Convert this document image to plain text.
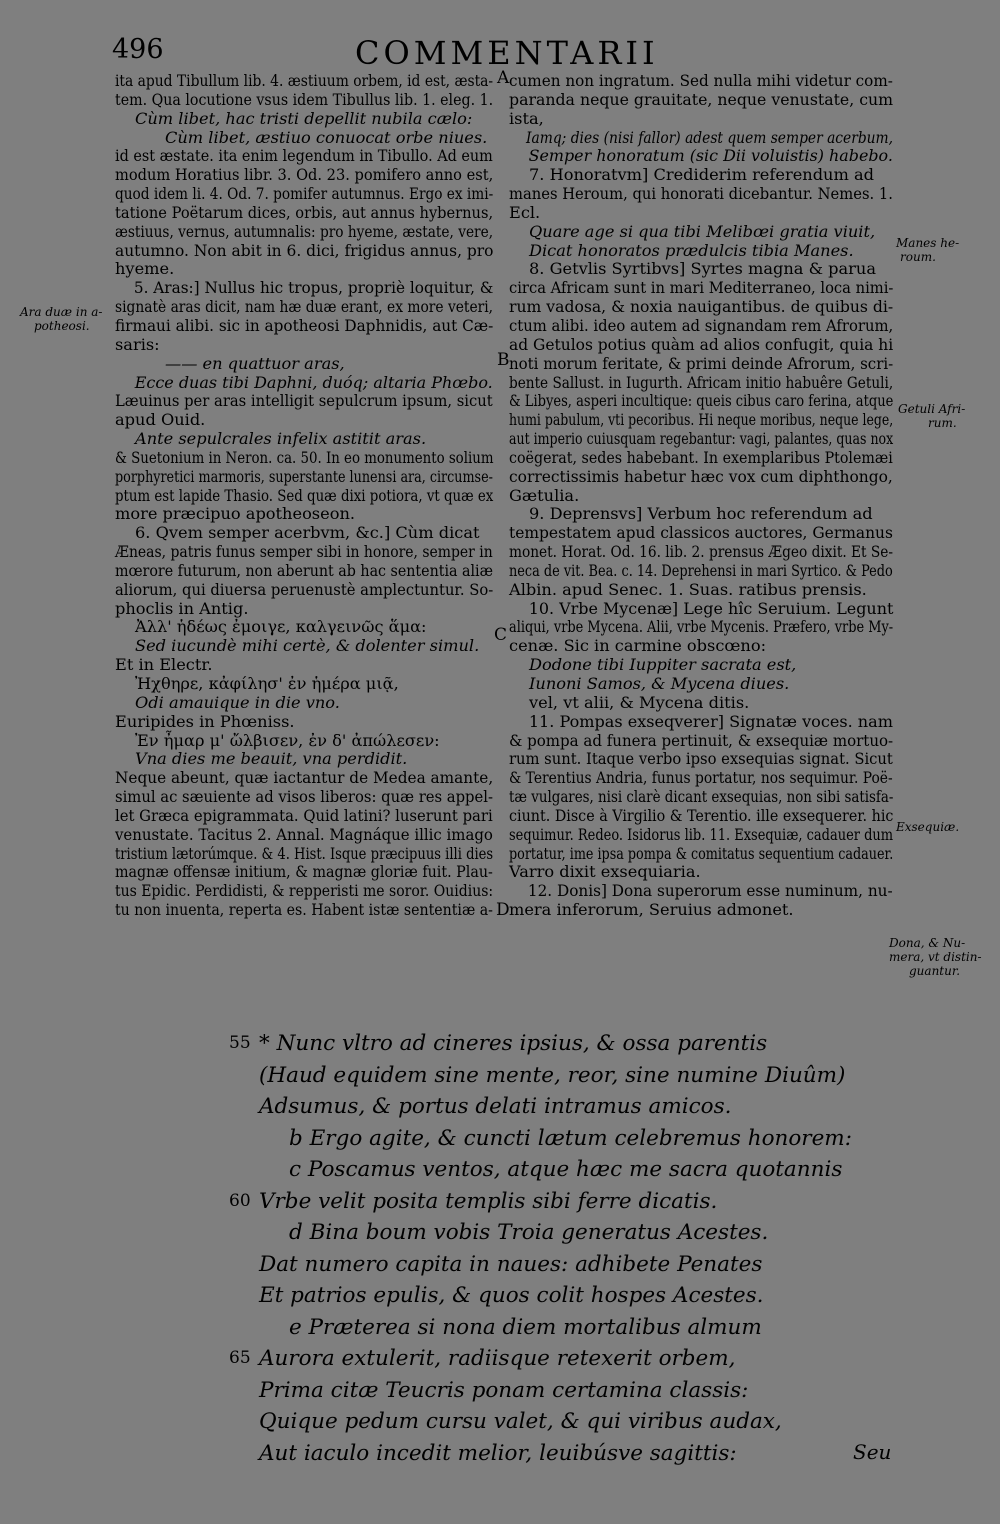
496	COMMENTARII

ita apud Tibullum lib. 4. æstiuum orbem, id est, æsta-

tem. Qua locutione vsus idem Tibullus lib. 1. eleg. 1.

Cùm libet, hac tristi depellit nubila cælo:

Cùm libet, æstiuo conuocat orbe niues.

id est æstate. ita enim legendum in Tibullo. Ad eum

modum Horatius libr. 3. Od. 23. pomifero anno est,

quod idem li. 4. Od. 7. pomifer autumnus. Ergo ex imi-

tatione Poëtarum dices, orbis, aut annus hybernus,

æstiuus, vernus, autumnalis: pro hyeme, æstate, vere,

autumno. Non abit in 6. dici, frigidus annus, pro

hyeme.

5. Aras:] Nullus hic tropus, propriè loquitur, &

signatè aras dicit, nam hæ duæ erant, ex more veteri,

firmaui alibi. sic in apotheosi Daphnidis, aut Cæ-

saris:

—— en quattuor aras,

Ecce duas tibi Daphni, duóq; altaria Phœbo.

Læuinus per aras intelligit sepulcrum ipsum, sicut

apud Ouid.

Ante sepulcrales infelix astitit aras.

& Suetonium in Neron. ca. 50. In eo monumento solium

porphyretici marmoris, superstante lunensi ara, circumse-

ptum est lapide Thasio. Sed quæ dixi potiora, vt quæ ex

more præcipuo apotheoseon.

6. Qvem semper acerbvm, &c.] Cùm dicat

Æneas, patris funus semper sibi in honore, semper in

mœrore futurum, non aberunt ab hac sententia aliæ

aliorum, qui diuersa peruenustè amplectuntur. So-

phoclis in Antig.

Ἀλλ' ἡδέως ἐμοιγε, καλγεινῶς ἅμα:

Sed iucundè mihi certè, & dolenter simul.

Et in Electr.

Ἠχθηρε, κἀφίλησ' ἐν ἡμέρα μιᾷ,

Odi amauique in die vno.

Euripides in Phœniss.

Ἐν ἦμαρ μ' ὤλβισεν, ἐν δ' ἀπώλεσεν:

Vna dies me beauit, vna perdidit.

Neque abeunt, quæ iactantur de Medea amante,

simul ac sæuiente ad visos liberos: quæ res appel-

let Græca epigrammata. Quid latini? luserunt pari

venustate. Tacitus 2. Annal. Magnáque illic imago

tristium lætorúmque. & 4. Hist. Isque præcipuus illi dies

magnæ offensæ initium, & magnæ gloriæ fuit. Plau-

tus Epidic. Perdidisti, & repperisti me soror. Ouidius:

tu non inuenta, reperta es. Habent istæ sententiæ a-

cumen non ingratum. Sed nulla mihi videtur com-

paranda neque grauitate, neque venustate, cum

ista,

Iamq; dies (nisi fallor) adest quem semper acerbum,

Semper honoratum (sic Dii voluistis) habebo.

7. Honoratvm] Crediderim referendum ad

manes Heroum, qui honorati dicebantur. Nemes. 1.

Ecl.

Quare age si qua tibi Melibœi gratia viuit,

Dicat honoratos prædulcis tibia Manes.

8. Getvlis Syrtibvs] Syrtes magna & parua

circa Africam sunt in mari Mediterraneo, loca nimi-

rum vadosa, & noxia nauigantibus. de quibus di-

ctum alibi. ideo autem ad signandam rem Afrorum,

ad Getulos potius quàm ad alios confugit, quia hi

noti morum feritate, & primi deinde Afrorum, scri-

bente Sallust. in Iugurth. Africam initio habuêre Getuli,

& Libyes, asperi incultique: queis cibus caro ferina, atque

humi pabulum, vti pecoribus. Hi neque moribus, neque lege,

aut imperio cuiusquam regebantur: vagi, palantes, quas nox

coëgerat, sedes habebant. In exemplaribus Ptolemæi

correctissimis habetur hæc vox cum diphthongo,

Gætulia.

9. Deprensvs] Verbum hoc referendum ad

tempestatem apud classicos auctores, Germanus

monet. Horat. Od. 16. lib. 2. prensus Ægeo dixit. Et Se-

neca de vit. Bea. c. 14. Deprehensi in mari Syrtico. & Pedo

Albin. apud Senec. 1. Suas. ratibus prensis.

10. Vrbe Mycenæ] Lege hîc Seruium. Legunt

aliqui, vrbe Mycena. Alii, vrbe Mycenis. Præfero, vrbe My-

cenæ. Sic in carmine obscœno:

Dodone tibi Iuppiter sacrata est,

Iunoni Samos, & Mycena diues.

vel, vt alii, & Mycena ditis.

11. Pompas exseqverer] Signatæ voces. nam

& pompa ad funera pertinuit, & exsequiæ mortuo-

rum sunt. Itaque verbo ipso exsequias signat. Sicut

& Terentius Andria, funus portatur, nos sequimur. Poë-

tæ vulgares, nisi clarè dicant exsequias, non sibi satisfa-

ciunt. Disce à Virgilio & Terentio. ille exsequerer. hic

sequimur. Redeo. Isidorus lib. 11. Exsequiæ, cadauer dum

portatur, ime ipsa pompa & comitatus sequentium cadauer.

Varro dixit exsequiaria.

12. Donis] Dona superorum esse numinum, nu-

mera inferorum, Seruius admonet.

Ara duæ in a-
potheosi.
Manes he-
roum.
Getuli Afri-
rum.
Exsequiæ.
Dona, & Nu-
mera, vt distin-
guantur.
A
B
C
D
55 * Nunc vltro ad cineres ipsius, & ossa parentis
(Haud equidem sine mente, reor, sine numine Diuûm)
Adsumus, & portus delati intramus amicos.
b Ergo agite, & cuncti lætum celebremus honorem:
c Poscamus ventos, atque hæc me sacra quotannis
60 Vrbe velit posita templis sibi ferre dicatis.
d Bina boum vobis Troia generatus Acestes.
Dat numero capita in naues: adhibete Penates
Et patrios epulis, & quos colit hospes Acestes.
e Præterea si nona diem mortalibus almum
65 Aurora extulerit, radiisque retexerit orbem,
Prima citæ Teucris ponam certamina classis:
Quique pedum cursu valet, & qui viribus audax,
Aut iaculo incedit melior, leuibúsve sagittis:	Seu
